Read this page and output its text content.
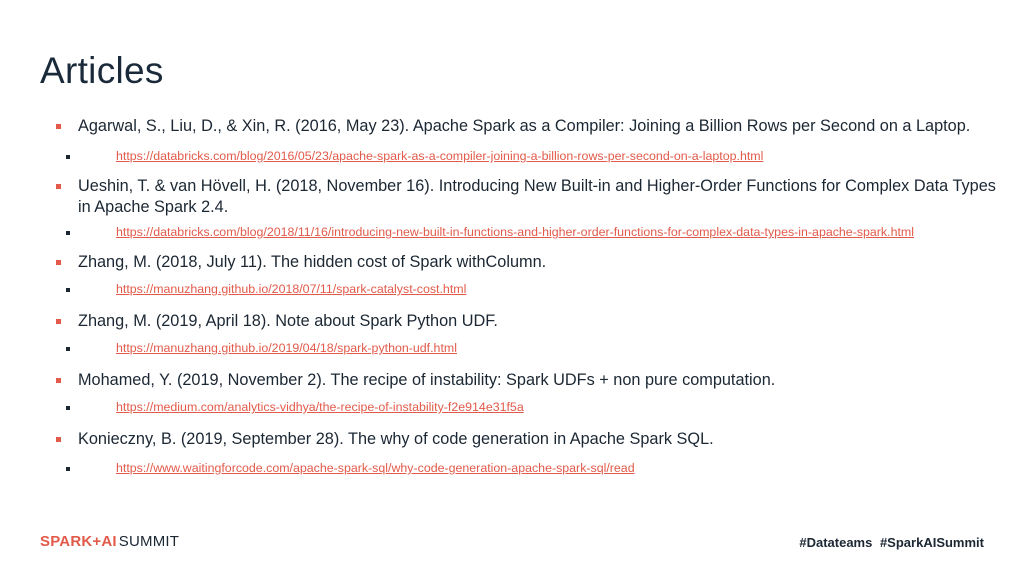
Articles
Agarwal, S., Liu, D., & Xin, R. (2016, May 23). Apache Spark as a Compiler: Joining a Billion Rows per Second on a Laptop.
https://databricks.com/blog/2016/05/23/apache-spark-as-a-compiler-joining-a-billion-rows-per-second-on-a-laptop.html
Ueshin, T. & van Hövell, H. (2018, November 16). Introducing New Built-in and Higher-Order Functions for Complex Data Types in Apache Spark 2.4.
https://databricks.com/blog/2018/11/16/introducing-new-built-in-functions-and-higher-order-functions-for-complex-data-types-in-apache-spark.html
Zhang, M. (2018, July 11). The hidden cost of Spark withColumn.
https://manuzhang.github.io/2018/07/11/spark-catalyst-cost.html
Zhang, M. (2019, April 18). Note about Spark Python UDF.
https://manuzhang.github.io/2019/04/18/spark-python-udf.html
Mohamed, Y. (2019, November 2). The recipe of instability: Spark UDFs + non pure computation.
https://medium.com/analytics-vidhya/the-recipe-of-instability-f2e914e31f5a
Konieczny, B. (2019, September 28). The why of code generation in Apache Spark SQL.
https://www.waitingforcode.com/apache-spark-sql/why-code-generation-apache-spark-sql/read
SPARK+AI SUMMIT	#Datateams #SparkAISummit
